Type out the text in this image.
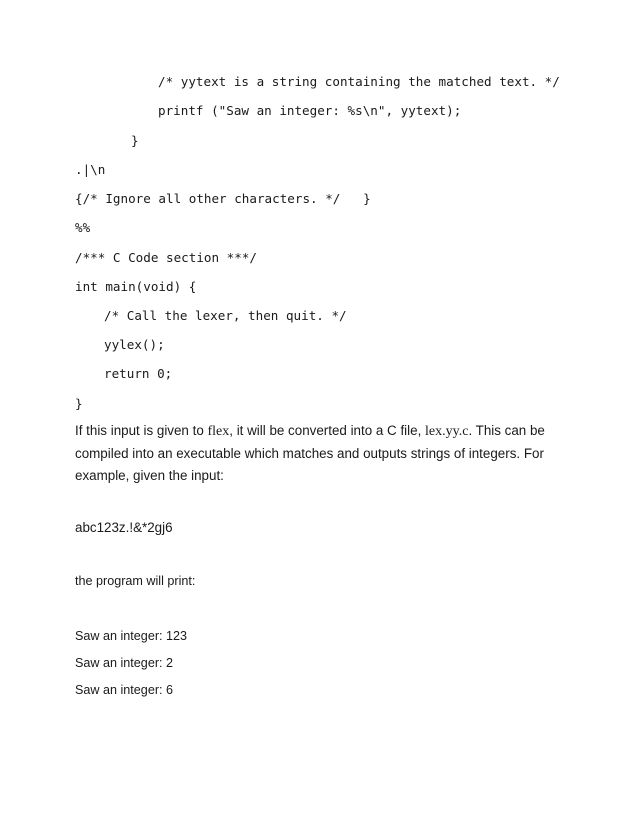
/* yytext is a string containing the matched text. */
printf ("Saw an integer: %s\n", yytext);
}
.|\n
{/* Ignore all other characters. */   }
%%
/*** C Code section ***/
int main(void) {
/* Call the lexer, then quit. */
yylex();
return 0;
}
If this input is given to flex, it will be converted into a C file, lex.yy.c. This can be compiled into an executable which matches and outputs strings of integers. For example, given the input:
abc123z.!&*2gj6
the program will print:
Saw an integer: 123
Saw an integer: 2
Saw an integer: 6
